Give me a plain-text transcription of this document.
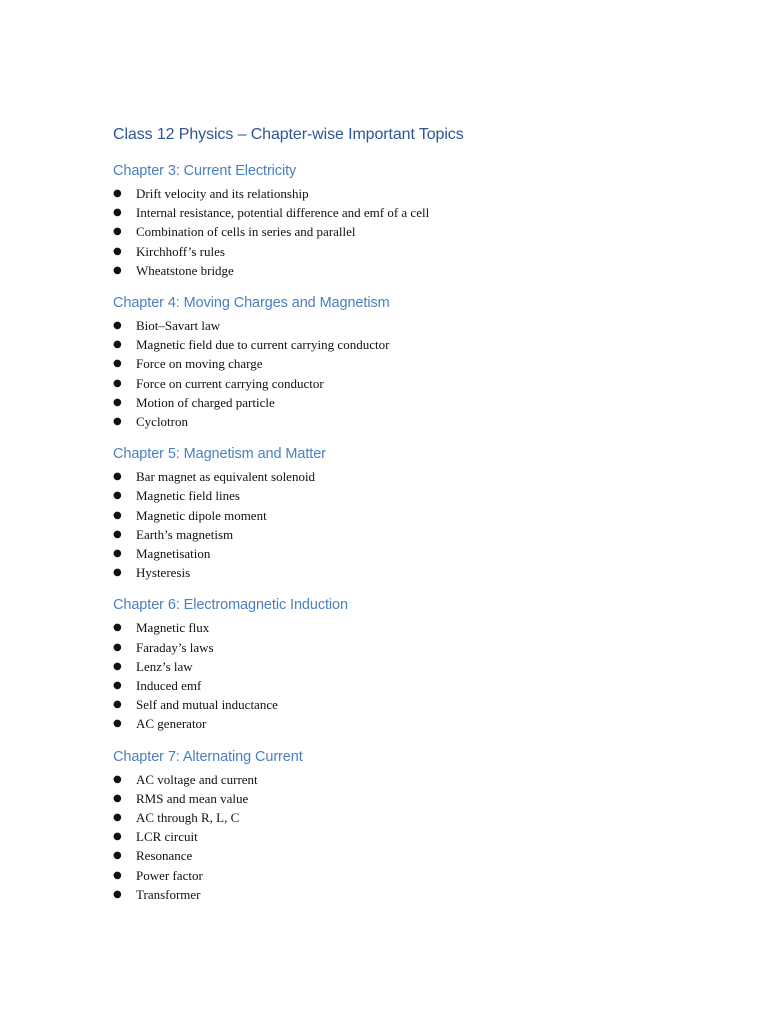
Class 12 Physics – Chapter-wise Important Topics
Chapter 3: Current Electricity
● Drift velocity and its relationship
● Internal resistance, potential difference and emf of a cell
● Combination of cells in series and parallel
● Kirchhoff’s rules
● Wheatstone bridge
Chapter 4: Moving Charges and Magnetism
● Biot–Savart law
● Magnetic field due to current carrying conductor
● Force on moving charge
● Force on current carrying conductor
● Motion of charged particle
● Cyclotron
Chapter 5: Magnetism and Matter
● Bar magnet as equivalent solenoid
● Magnetic field lines
● Magnetic dipole moment
● Earth’s magnetism
● Magnetisation
● Hysteresis
Chapter 6: Electromagnetic Induction
● Magnetic flux
● Faraday’s laws
● Lenz’s law
● Induced emf
● Self and mutual inductance
● AC generator
Chapter 7: Alternating Current
● AC voltage and current
● RMS and mean value
● AC through R, L, C
● LCR circuit
● Resonance
● Power factor
● Transformer
